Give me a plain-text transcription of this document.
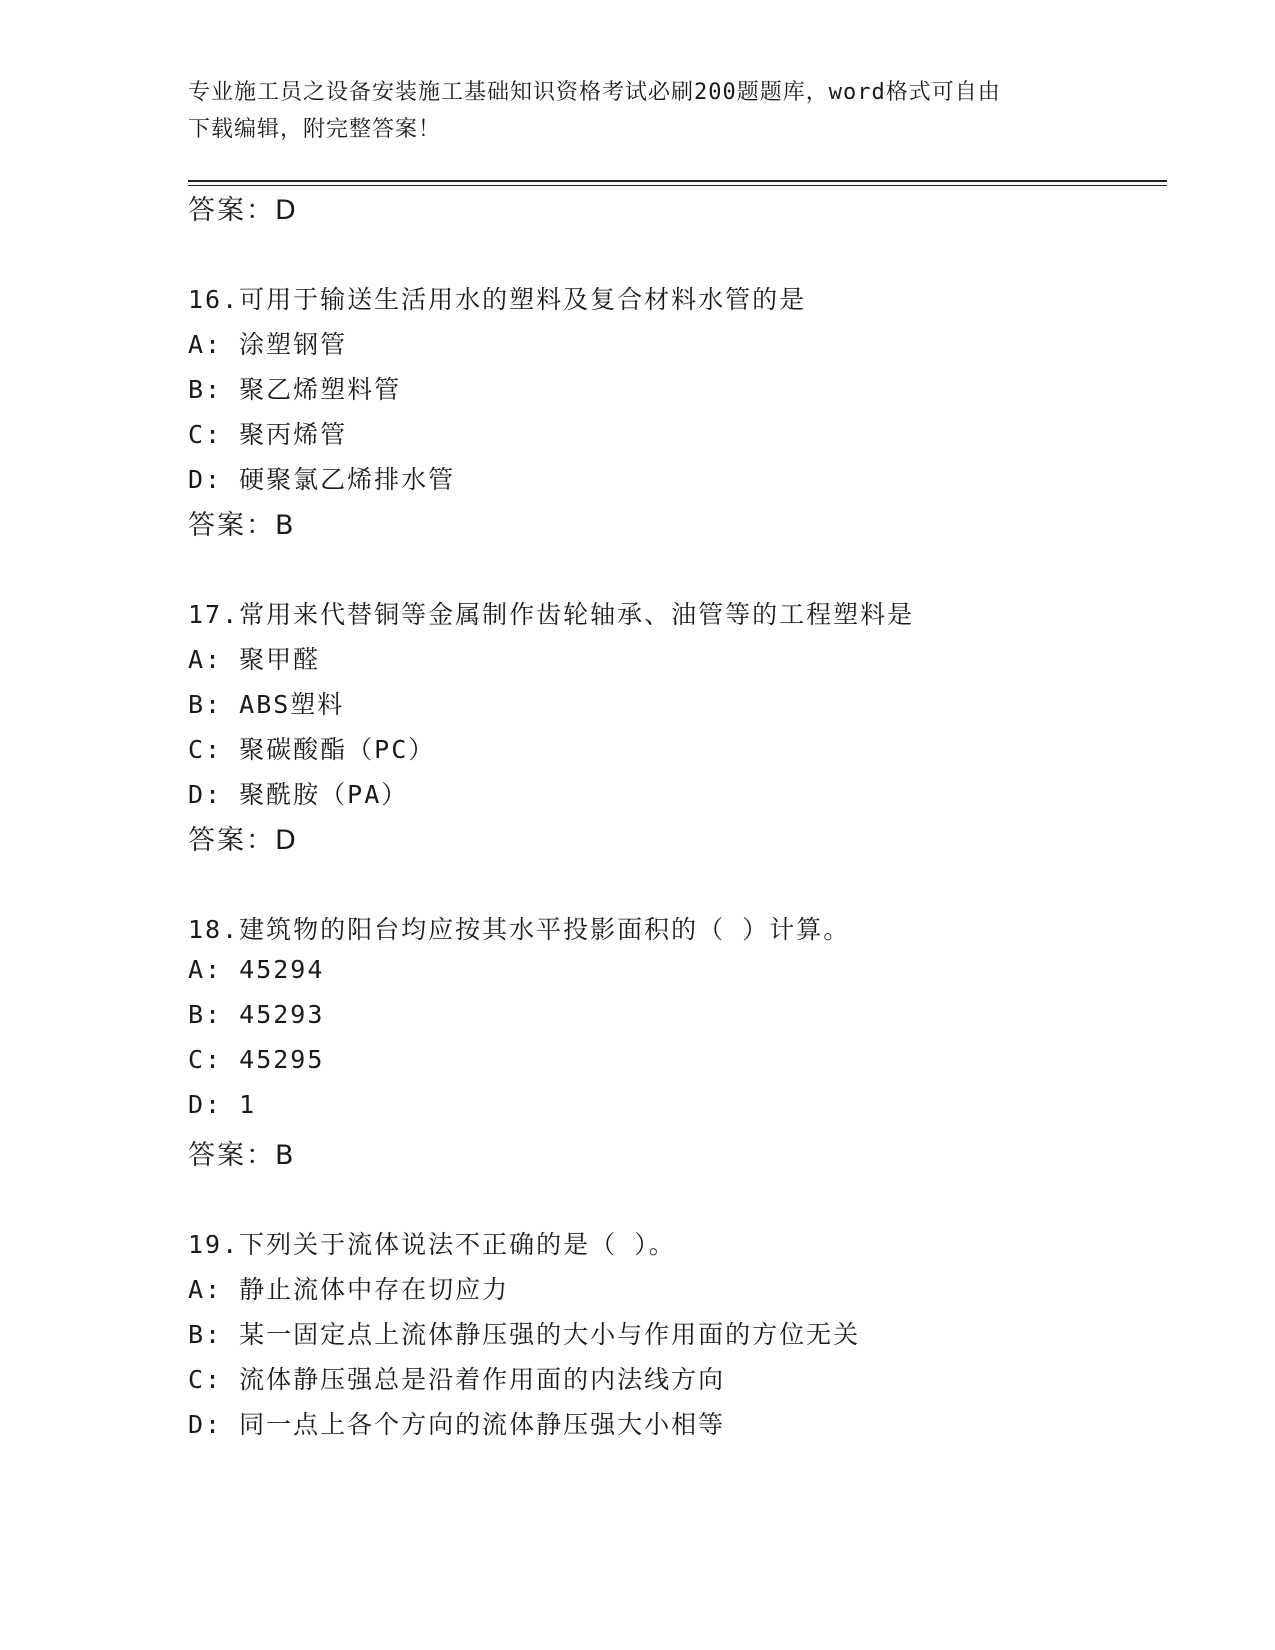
专业施工员之设备安装施工基础知识资格考试必刷200题题库，word格式可自由
下载编辑，附完整答案！
答案：D
16.可用于输送生活用水的塑料及复合材料水管的是
A: 涂塑钢管
B: 聚乙烯塑料管
C: 聚丙烯管
D: 硬聚氯乙烯排水管
答案：B
17.常用来代替铜等金属制作齿轮轴承、油管等的工程塑料是
A: 聚甲醛
B: ABS塑料
C: 聚碳酸酯（PC）
D: 聚酰胺（PA）
答案：D
18.建筑物的阳台均应按其水平投影面积的（ ）计算。
A: 45294
B: 45293
C: 45295
D: 1
答案：B
19.下列关于流体说法不正确的是（ ）。
A: 静止流体中存在切应力
B: 某一固定点上流体静压强的大小与作用面的方位无关
C: 流体静压强总是沿着作用面的内法线方向
D: 同一点上各个方向的流体静压强大小相等
